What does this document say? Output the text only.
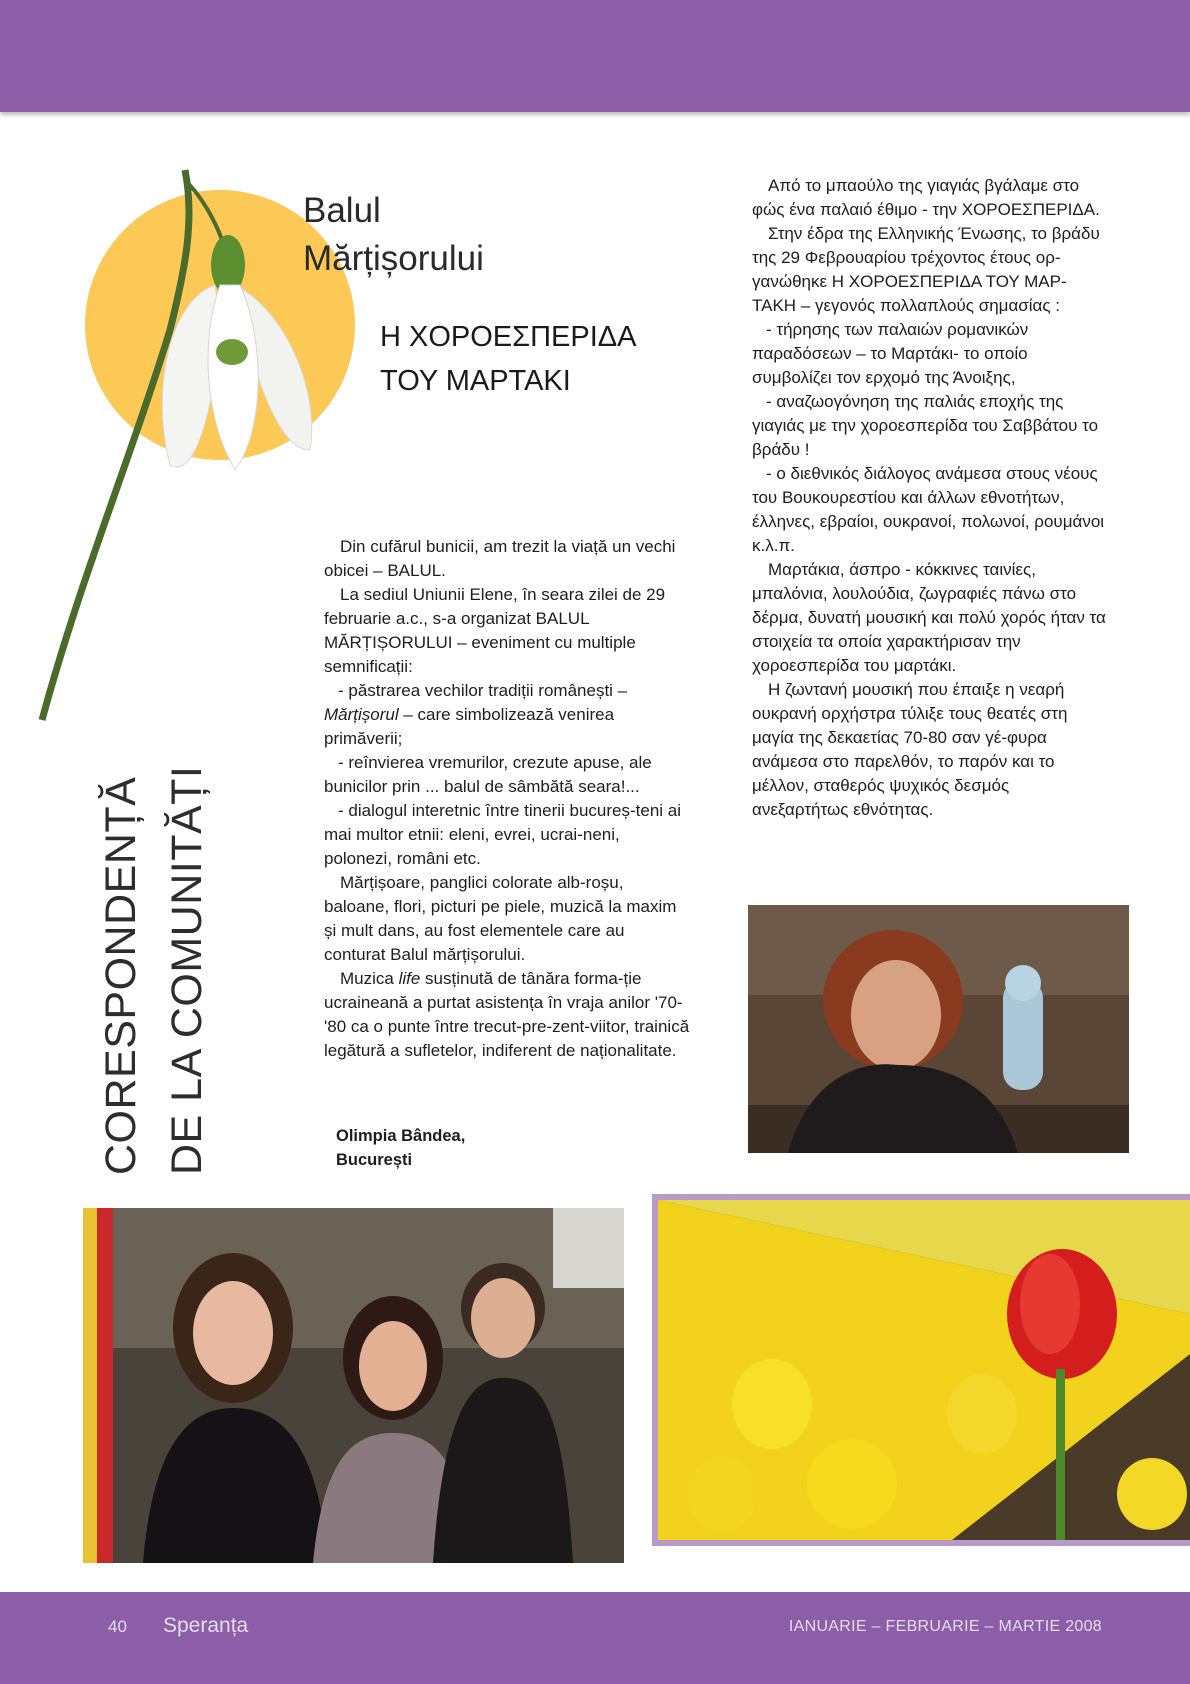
Balul
Mărțișorului
Η ΧΟΡΟΕΣΠΕΡΙΔΑ
ΤΟΥ ΜΑΡΤΑΚΙ
CORESPONDENȚĂ DE LA COMUNITĂȚI

Din cufărul bunicii, am trezit la viață un vechi obicei – BALUL.

La sediul Uniunii Elene, în seara zilei de 29 februarie a.c., s-a organizat BALUL MĂRȚIȘORULUI – eveniment cu multiple semnificații:

- păstrarea vechilor tradiții românești – Mărțișorul – care simbolizează venirea primăverii;

- reînvierea vremurilor, crezute apuse, ale bunicilor prin ... balul de sâmbătă seara!...

- dialogul interetnic între tinerii bucureș-teni ai mai multor etnii: eleni, evrei, ucrai-neni, polonezi, români etc.

Mărțișoare, panglici colorate alb-roșu, baloane, flori, picturi pe piele, muzică la maxim și mult dans, au fost elementele care au conturat Balul mărțișorului.

Muzica life susținută de tânăra forma-ție ucraineană a purtat asistența în vraja anilor '70-'80 ca o punte între trecut-pre-zent-viitor, trainică legătură a sufletelor, indiferent de naționalitate.

Olimpia Bândea,
București

Από το μπαούλο της γιαγιάς βγάλαμε στο φώς ένα παλαιό έθιμο - την ΧΟΡΟΕΣΠΕΡΙΔΑ.

Στην έδρα της Ελληνικής Ένωσης, το βράδυ της 29 Φεβρουαρίου τρέχοντος έτους ορ-γανώθηκε Η ΧΟΡΟΕΣΠΕΡΙΔΑ ΤΟΥ ΜΑΡ-ΤΑΚΗ – γεγονός πολλαπλούς σημασίας :

- τήρησης των παλαιών ρομανικών παραδόσεων – το Μαρτάκι- το οποίο συμβολίζει τον ερχομό της Άνοιξης,

- αναζωογόνηση της παλιάς εποχής της γιαγιάς με την χοροεσπερίδα του Σαββάτου το βράδυ !

- ο διεθνικός διάλογος ανάμεσα στους νέους του Βουκουρεστίου και άλλων εθνοτήτων, έλληνες, εβραίοι, ουκρανοί, πολωνοί, ρουμάνοι κ.λ.π.

Μαρτάκια, άσπρο - κόκκινες ταινίες, μπαλόνια, λουλούδια, ζωγραφιές πάνω στο δέρμα, δυνατή μουσική και πολύ χορός ήταν τα στοιχεία τα οποία χαρακτήρισαν την χοροεσπερίδα του μαρτάκι.

Η ζωντανή μουσική που έπαιξε η νεαρή ουκρανή ορχήστρα τύλιξε τους θεατές στη μαγία της δεκαετίας 70-80 σαν γέ-φυρα ανάμεσα στο παρελθόν, το παρόν και το μέλλον, σταθερός ψυχικός δεσμός ανεξαρτήτως εθνότητας.

40 Speranța	IANUARIE – FEBRUARIE – MARTIE 2008
